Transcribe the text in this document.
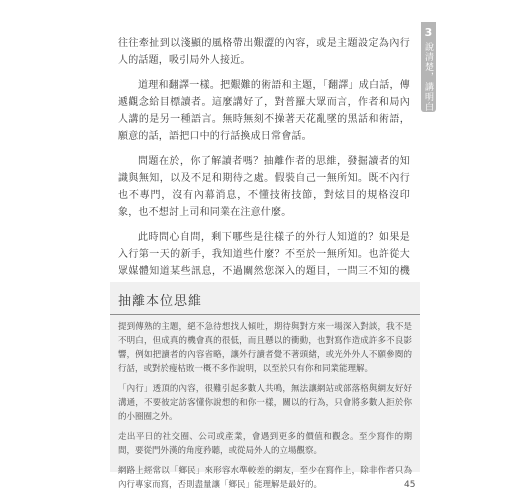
3
說清楚，講明白

往往牽扯到以淺顯的風格帶出艱澀的內容，或是主題設定為內行人的話題，吸引局外人接近。

道理和翻譯一樣。把艱難的術語和主題，「翻譯」成白話，傳遞觀念給目標讀者。這麼講好了，對普羅大眾而言，作者和局內人講的是另一種語言。無時無刻不操著天花亂墜的黑話和術語，願意的話，語把口中的行話換成日常會話。

問題在於，你了解讀者嗎？抽離作者的思維，發掘讀者的知識與無知，以及不足和期待之處。假裝自己一無所知。既不內行也不專門，沒有內幕消息，不懂技術技節，對炫目的規格沒印象，也不想討上司和同業在注意什麼。

此時問心自問，剩下哪些是往樣子的外行人知道的？如果是入行第一天的新手，我知道些什麼？不至於一無所知。也許從大眾媒體知道某些訊息，不過關然您深入的題目，一問三不知的機

抽離本位思維

提到傳熟的主題，絕不急待想找人傾吐，期待與對方來一場深入對談，我不是不明白，但成真的機會真的很低，而且懸以的衝動，也對寫作造成許多不良影響，例如把讀者的內容省略，讓外行讀者覺不著頭緒，或光外外人不願參閱的行話，或對於瘦枯敗一概不多作說明，以至於只有你和同業能理解。

「內行」透頂的內容，很難引起多數人共鳴，無法讓網站或部落格與網友好好溝通，不要彼定訪客懂你說想的和你一樣，關以的行為，只會將多數人拒於你的小圈圈之外。

走出平日的社交圈、公司或產業，會遇到更多的價值和觀念。至少寫作的期間，要從門外漢的角度矜聽，或從局外人的立場觀察。

網路上經常以「鄉民」來形容水準較差的網友，至少在寫作上，除非作者只為內行專家而寫，否則盡量讓「鄉民」能理解是最好的。	45
